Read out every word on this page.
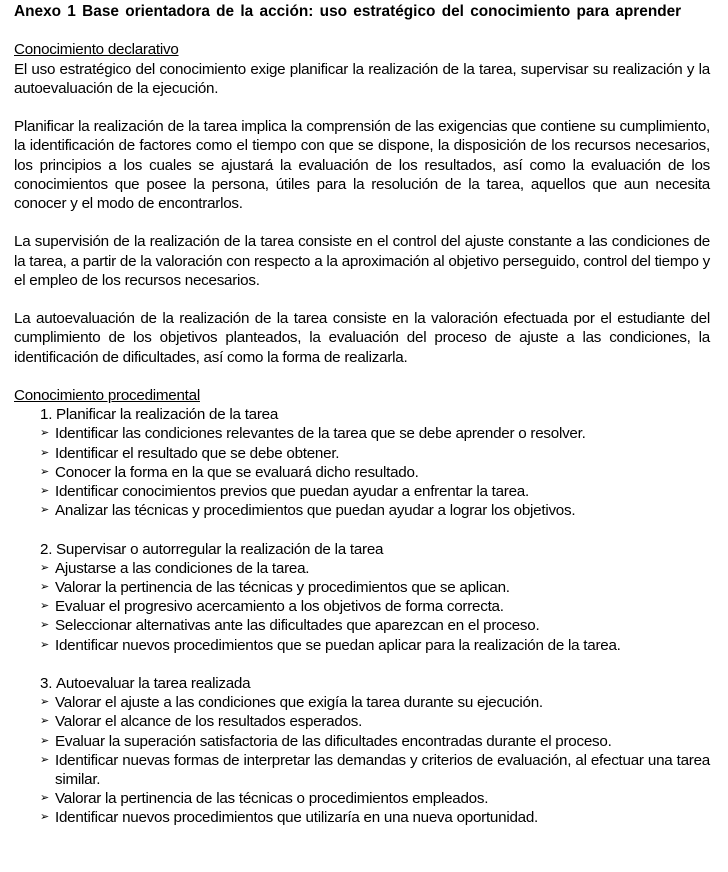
Anexo 1 Base orientadora de la acción: uso estratégico del conocimiento para aprender
Conocimiento declarativo

El uso estratégico del conocimiento exige planificar la realización de la tarea, supervisar su realización y la autoevaluación de la ejecución.

Planificar la realización de la tarea implica la comprensión de las exigencias que contiene su cumplimiento, la identificación de factores como el tiempo con que se dispone, la disposición de los recursos necesarios, los principios a los cuales se ajustará la evaluación de los resultados, así como la evaluación de los conocimientos que posee la persona, útiles para la resolución de la tarea, aquellos que aun necesita conocer y el modo de encontrarlos.

La supervisión de la realización de la tarea consiste en el control del ajuste constante a las condiciones de la tarea, a partir de la valoración con respecto a la aproximación al objetivo perseguido, control del tiempo y el empleo de los recursos necesarios.

La autoevaluación de la realización de la tarea consiste en la valoración efectuada por el estudiante del cumplimiento de los objetivos planteados, la evaluación del proceso de ajuste a las condiciones, la identificación de dificultades, así como la forma de realizarla.

Conocimiento procedimental
1. Planificar la realización de la tarea
➢ Identificar las condiciones relevantes de la tarea que se debe aprender o resolver.
➢ Identificar el resultado que se debe obtener.
➢ Conocer la forma en la que se evaluará dicho resultado.
➢ Identificar conocimientos previos que puedan ayudar a enfrentar la tarea.
➢ Analizar las técnicas y procedimientos que puedan ayudar a lograr los objetivos.
2. Supervisar o autorregular la realización de la tarea
➢ Ajustarse a las condiciones de la tarea.
➢ Valorar la pertinencia de las técnicas y procedimientos que se aplican.
➢ Evaluar el progresivo acercamiento a los objetivos de forma correcta.
➢ Seleccionar alternativas ante las dificultades que aparezcan en el proceso.
➢ Identificar nuevos procedimientos que se puedan aplicar para la realización de la tarea.
3. Autoevaluar la tarea realizada
➢ Valorar el ajuste a las condiciones que exigía la tarea durante su ejecución.
➢ Valorar el alcance de los resultados esperados.
➢ Evaluar la superación satisfactoria de las dificultades encontradas durante el proceso.
➢ Identificar nuevas formas de interpretar las demandas y criterios de evaluación, al efectuar una tarea similar.
➢ Valorar la pertinencia de las técnicas o procedimientos empleados.
➢ Identificar nuevos procedimientos que utilizaría en una nueva oportunidad.
